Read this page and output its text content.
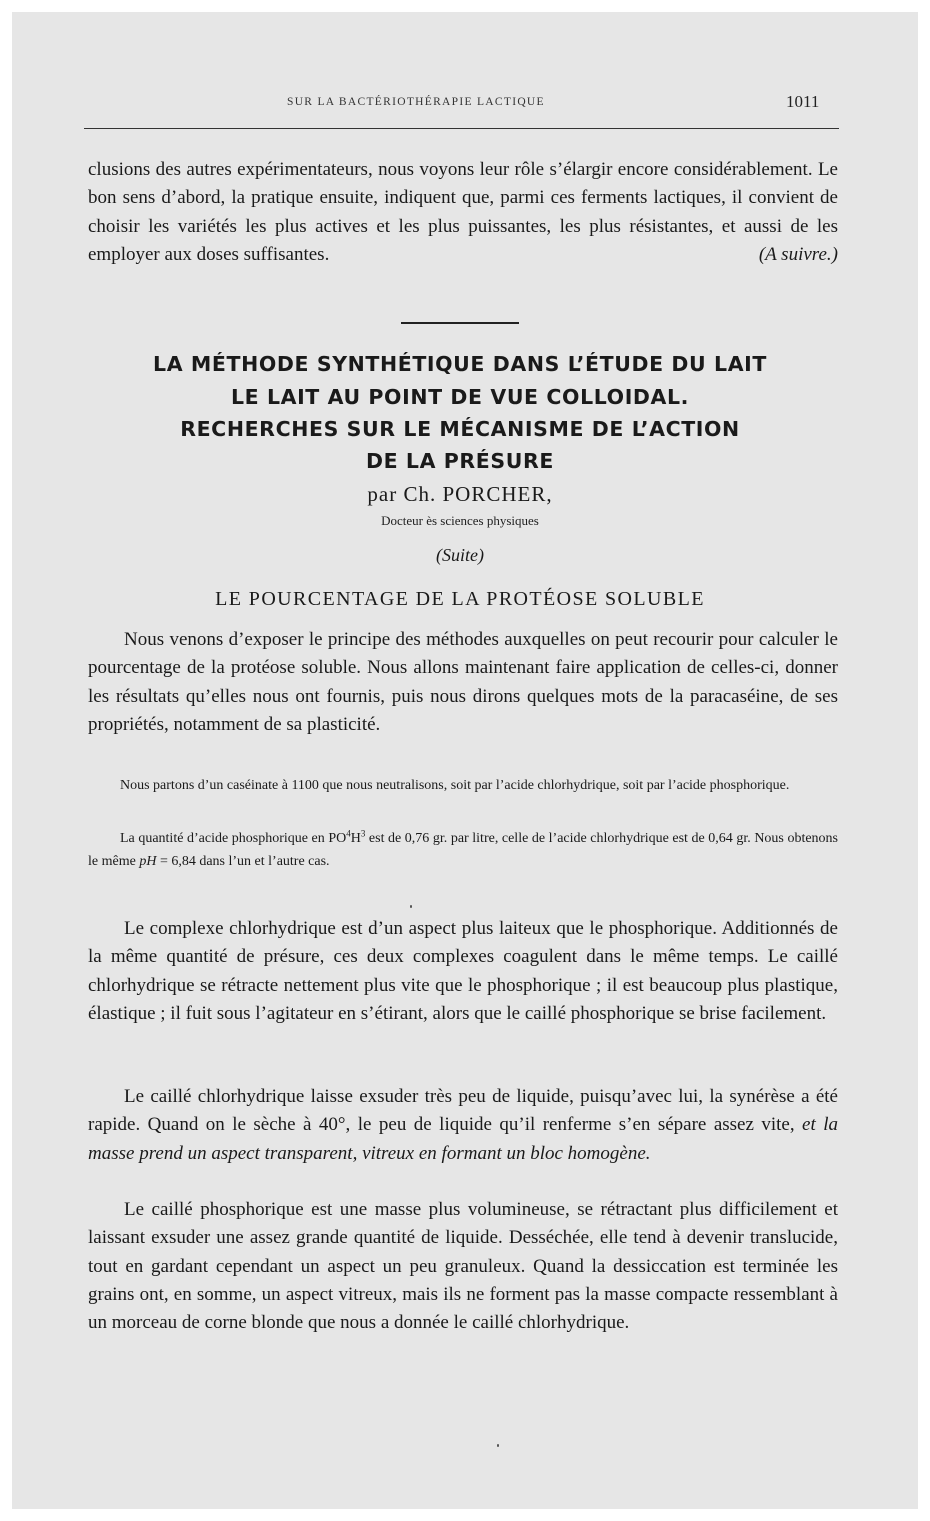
SUR LA BACTÉRIOTHÉRAPIE LACTIQUE	1011
clusions des autres expérimentateurs, nous voyons leur rôle s’élargir encore considérablement. Le bon sens d’abord, la pratique ensuite, indiquent que, parmi ces ferments lactiques, il convient de choisir les variétés les plus actives et les plus puissantes, les plus résistantes, et aussi de les employer aux doses suffisantes.	(A suivre.)
LA MÉTHODE SYNTHÉTIQUE DANS L’ÉTUDE DU LAIT
LE LAIT AU POINT DE VUE COLLOIDAL.
RECHERCHES SUR LE MÉCANISME DE L’ACTION
DE LA PRÉSURE
par Ch. PORCHER,
Docteur ès sciences physiques
(Suite)
LE POURCENTAGE DE LA PROTÉOSE SOLUBLE

Nous venons d’exposer le principe des méthodes auxquelles on peut recourir pour calculer le pourcentage de la protéose soluble. Nous allons maintenant faire application de celles-ci, donner les résultats qu’elles nous ont fournis, puis nous dirons quelques mots de la paracaséine, de ses propriétés, notamment de sa plasticité.

Nous partons d’un caséinate à 1100 que nous neutralisons, soit par l’acide chlorhydrique, soit par l’acide phosphorique.

La quantité d’acide phosphorique en $PO^4H^3$ est de 0,76 gr. par litre, celle de l’acide chlorhydrique est de 0,64 gr. Nous obtenons le même pH = 6,84 dans l’un et l’autre cas.

Le complexe chlorhydrique est d’un aspect plus laiteux que le phosphorique. Additionnés de la même quantité de présure, ces deux complexes coagulent dans le même temps. Le caillé chlorhydrique se rétracte nettement plus vite que le phosphorique ; il est beaucoup plus plastique, élastique ; il fuit sous l’agitateur en s’étirant, alors que le caillé phosphorique se brise facilement.

Le caillé chlorhydrique laisse exsuder très peu de liquide, puisqu’avec lui, la synérèse a été rapide. Quand on le sèche à 40°, le peu de liquide qu’il renferme s’en sépare assez vite, et la masse prend un aspect transparent, vitreux en formant un bloc homogène.

Le caillé phosphorique est une masse plus volumineuse, se rétractant plus difficilement et laissant exsuder une assez grande quantité de liquide. Desséchée, elle tend à devenir translucide, tout en gardant cependant un aspect un peu granuleux. Quand la dessiccation est terminée les grains ont, en somme, un aspect vitreux, mais ils ne forment pas la masse compacte ressemblant à un morceau de corne blonde que nous a donnée le caillé chlorhydrique.
